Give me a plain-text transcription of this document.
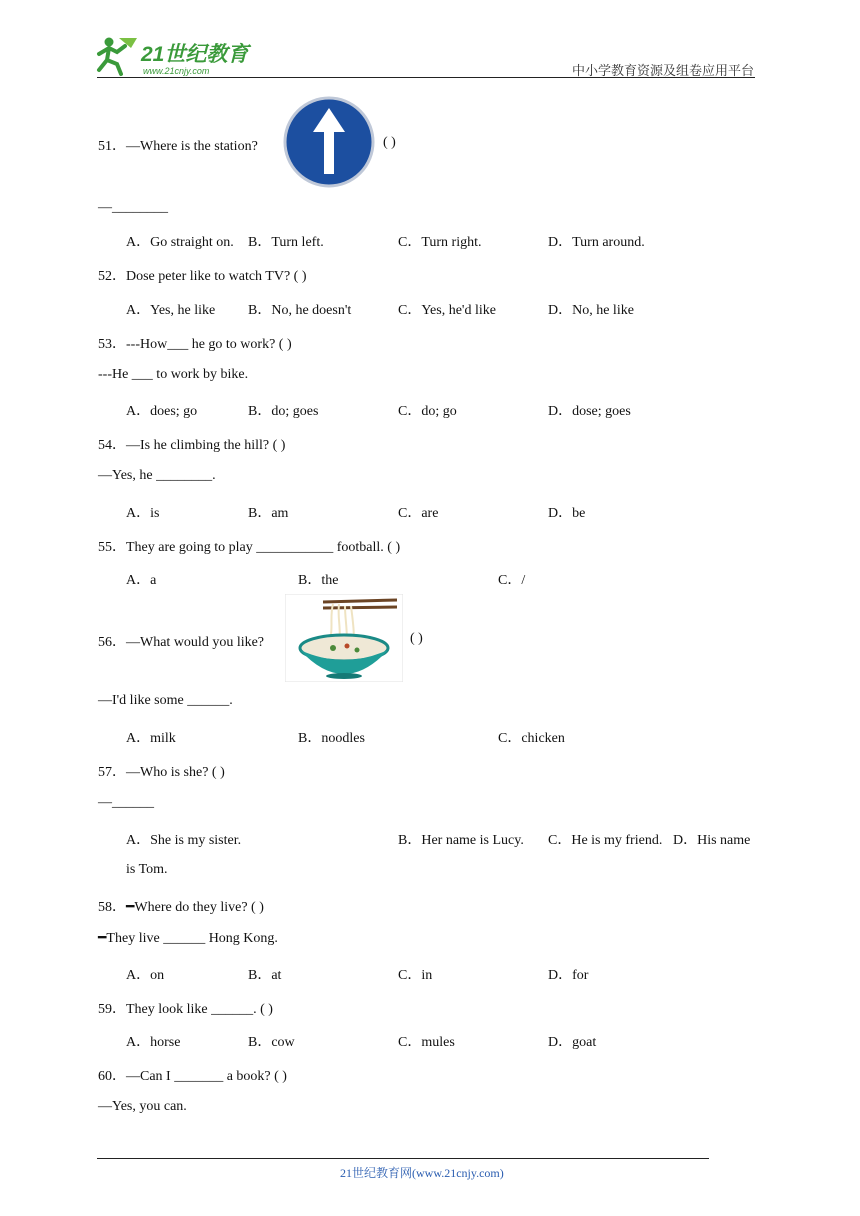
21世纪教育
www.21cnjy.com	中小学教育资源及组卷应用平台
51．—Where is the station?	( )
—________
A．Go straight on. B．Turn left.	C．Turn right.	D．Turn around.
52．Dose peter like to watch TV? ( )
A．Yes, he like B．No, he doesn't	C．Yes, he'd like	D．No, he like
53．---How___ he go to work? ( )
---He ___ to work by bike.
A．does; go	B．do; goes	C．do; go	D．dose; goes
54．—Is he climbing the hill? ( )
—Yes, he ________.
A．is	B．am	C．are	D．be
55．They are going to play ___________ football. ( )
A．a	B．the	C．/
56．—What would you like?	( )
—I'd like some ______.
A．milk	B．noodles	C．chicken
57．—Who is she? ( )
—______
A．She is my sister.	B．Her name is Lucy. C．He is my friend. D．His name
is Tom.
58．━Where do they live? ( )
━They live ______ Hong Kong.
A．on	B．at	C．in	D．for
59．They look like ______. ( )
A．horse	B．cow	C．mules	D．goat
60．—Can I _______ a book? ( )
—Yes, you can.
21世纪教育网(www.21cnjy.com)
